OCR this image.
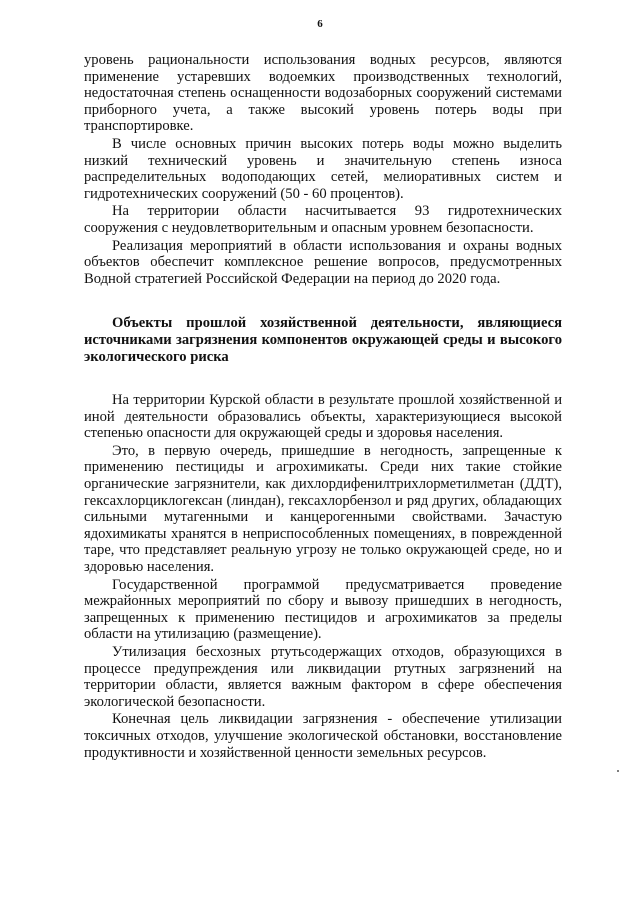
6

уровень рациональности использования водных ресурсов, являются применение устаревших водоемких производственных технологий, недостаточная степень оснащенности водозаборных сооружений системами приборного учета, а также высокий уровень потерь воды при транспортировке.

В числе основных причин высоких потерь воды можно выделить низкий технический уровень и значительную степень износа распределительных водоподающих сетей, мелиоративных систем и гидротехнических сооружений (50 - 60 процентов).

На территории области насчитывается 93 гидротехнических сооружения с неудовлетворительным и опасным уровнем безопасности.

Реализация мероприятий в области использования и охраны водных объектов обеспечит комплексное решение вопросов, предусмотренных Водной стратегией Российской Федерации на период до 2020 года.

Объекты прошлой хозяйственной деятельности, являющиеся источниками загрязнения компонентов окружающей среды и высокого экологического риска

На территории Курской области в результате прошлой хозяйственной и иной деятельности образовались объекты, характеризующиеся высокой степенью опасности для окружающей среды и здоровья населения.

Это, в первую очередь, пришедшие в негодность, запрещенные к применению пестициды и агрохимикаты. Среди них такие стойкие органические загрязнители, как дихлордифенилтрихлорметилметан (ДДТ), гексахлорциклогексан (линдан), гексахлорбензол и ряд других, обладающих сильными мутагенными и канцерогенными свойствами. Зачастую ядохимикаты хранятся в неприспособленных помещениях, в поврежденной таре, что представляет реальную угрозу не только окружающей среде, но и здоровью населения.

Государственной программой предусматривается проведение межрайонных мероприятий по сбору и вывозу пришедших в негодность, запрещенных к применению пестицидов и агрохимикатов за пределы области на утилизацию (размещение).

Утилизация бесхозных ртутьсодержащих отходов, образующихся в процессе предупреждения или ликвидации ртутных загрязнений на территории области, является важным фактором в сфере обеспечения экологической безопасности.

Конечная цель ликвидации загрязнения - обеспечение утилизации токсичных отходов, улучшение экологической обстановки, восстановление продуктивности и хозяйственной ценности земельных ресурсов.
